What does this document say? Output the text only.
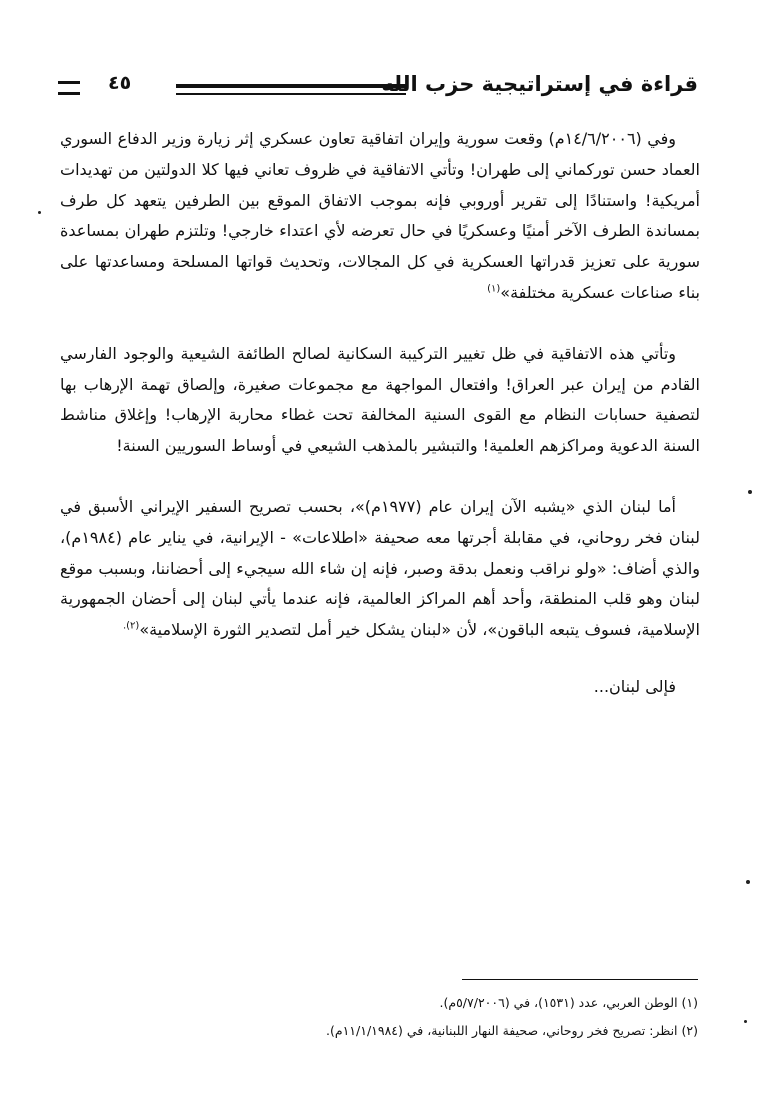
قراءة في إستراتيجية حزب الله
٤٥

وفي (١٤/٦/٢٠٠٦م) وقعت سورية وإيران اتفاقية تعاون عسكري إثر زيارة وزير الدفاع السوري العماد حسن توركماني إلى طهران! وتأتي الاتفاقية في ظروف تعاني فيها كلا الدولتين من تهديدات أمريكية! واستنادًا إلى تقرير أوروبي فإنه بموجب الاتفاق الموقع بين الطرفين يتعهد كل طرف بمساندة الطرف الآخر أمنيًا وعسكريًا في حال تعرضه لأي اعتداء خارجي! وتلتزم طهران بمساعدة سورية على تعزيز قدراتها العسكرية في كل المجالات، وتحديث قواتها المسلحة ومساعدتها على بناء صناعات عسكرية مختلفة»$^{(١)}$

وتأتي هذه الاتفاقية في ظل تغيير التركيبة السكانية لصالح الطائفة الشيعية والوجود الفارسي القادم من إيران عبر العراق! وافتعال المواجهة مع مجموعات صغيرة، وإلصاق تهمة الإرهاب بها لتصفية حسابات النظام مع القوى السنية المخالفة تحت غطاء محاربة الإرهاب! وإغلاق مناشط السنة الدعوية ومراكزهم العلمية! والتبشير بالمذهب الشيعي في أوساط السوريين السنة!

أما لبنان الذي «يشبه الآن إيران عام (١٩٧٧م)»، بحسب تصريح السفير الإيراني الأسبق في لبنان فخر روحاني، في مقابلة أجرتها معه صحيفة «اطلاعات» - الإيرانية، في يناير عام (١٩٨٤م)، والذي أضاف: «ولو نراقب ونعمل بدقة وصبر، فإنه إن شاء الله سيجيء إلى أحضاننا، وبسبب موقع لبنان وهو قلب المنطقة، وأحد أهم المراكز العالمية، فإنه عندما يأتي لبنان إلى أحضان الجمهورية الإسلامية، فسوف يتبعه الباقون»، لأن «لبنان يشكل خير أمل لتصدير الثورة الإسلامية»$^{(٢).}$

فإلى لبنان...

(١) الوطن العربي، عدد (١٥٣١)، في (٥/٧/٢٠٠٦م).

(٢) انظر: تصريح فخر روحاني، صحيفة النهار اللبنانية، في (١١/١/١٩٨٤م).
